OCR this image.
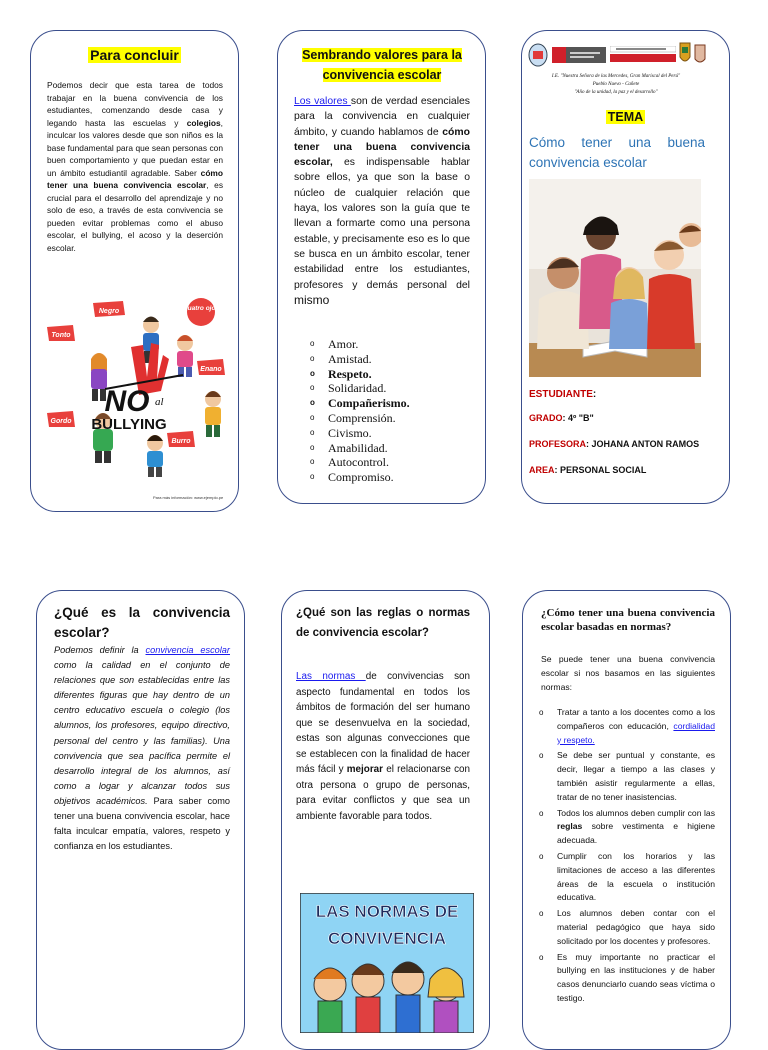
Para concluir

Podemos decir que esta tarea de todos trabajar en la buena convivencia de los estudiantes, comenzando desde casa y legando hasta las escuelas y colegios, inculcar los valores desde que son niños es la base fundamental para que sean personas con buen comportamiento y que puedan estar en un ámbito estudiantil agradable. Saber cómo tener una buena convivencia escolar, es crucial para el desarrollo del aprendizaje y no solo de eso, a través de esta convivencia se pueden evitar problemas como el abuso escolar, el bullying, el acoso y la deserción escolar.

Negro	Cuatro ojos
Tonto
Enano
Gordo
Burro
NO al
BULLYING
Para más información: www.ejemplo.pe
Sembrando valores para la convivencia escolar

Los valores son de verdad esenciales para la convivencia en cualquier ámbito, y cuando hablamos de cómo tener una buena convivencia escolar, es indispensable hablar sobre ellos, ya que son la base o núcleo de cualquier relación que haya, los valores son la guía que te llevan a formarte como una persona estable, y precisamente eso es lo que se busca en un ámbito escolar, tener estabilidad entre los estudiantes, profesores y demás personal del mismo

o Amor.
o Amistad.
o Respeto.
o Solidaridad.
o Compañerismo.
o Comprensión.
o Civismo.
o Amabilidad.
o Autocontrol.
o Compromiso.
I.E. "Nuestra Señora de las Mercedes, Gran Mariscal del Perú"
Pueblo Nuevo - Cañete
"Año de la unidad, la paz y el desarrollo"
TEMA
Cómo tener una buena convivencia escolar
ESTUDIANTE:
GRADO: 4º "B"
PROFESORA: JOHANA ANTON RAMOS
AREA: PERSONAL SOCIAL
¿Qué es la convivencia escolar?

Podemos definir la convivencia escolar como la calidad en el conjunto de relaciones que son establecidas entre las diferentes figuras que hay dentro de un centro educativo escuela o colegio (los alumnos, los profesores, equipo directivo, personal del centro y las familias). Una convivencia que sea pacífica permite el desarrollo integral de los alumnos, así como a logar y alcanzar todos sus objetivos académicos. Para saber como tener una buena convivencia escolar, hace falta inculcar empatía, valores, respeto y confianza en los estudiantes.

¿Qué son las reglas o normas de convivencia escolar?

Las normas de convivencias son aspecto fundamental en todos los ámbitos de formación del ser humano que se desenvuelva en la sociedad, estas son algunas convecciones que se establecen con la finalidad de hacer más fácil y mejorar el relacionarse con otra persona o grupo de personas, para evitar conflictos y que sea un ambiente favorable para todos.

LAS NORMAS DE
CONVIVENCIA
¿Cómo tener una buena convivencia escolar basadas en normas?

Se puede tener una buena convivencia escolar si nos basamos en las siguientes normas:

o Tratar a tanto a los docentes como a los compañeros con educación, cordialidad y respeto.
o Se debe ser puntual y constante, es decir, llegar a tiempo a las clases y también asistir regularmente a ellas, tratar de no tener inasistencias.
o Todos los alumnos deben cumplir con las reglas sobre vestimenta e higiene adecuada.
o Cumplir con los horarios y las limitaciones de acceso a las diferentes áreas de la escuela o institución educativa.
o Los alumnos deben contar con el material pedagógico que haya sido solicitado por los docentes y profesores.
o Es muy importante no practicar el bullying en las instituciones y de haber casos denunciarlo cuando seas víctima o testigo.
